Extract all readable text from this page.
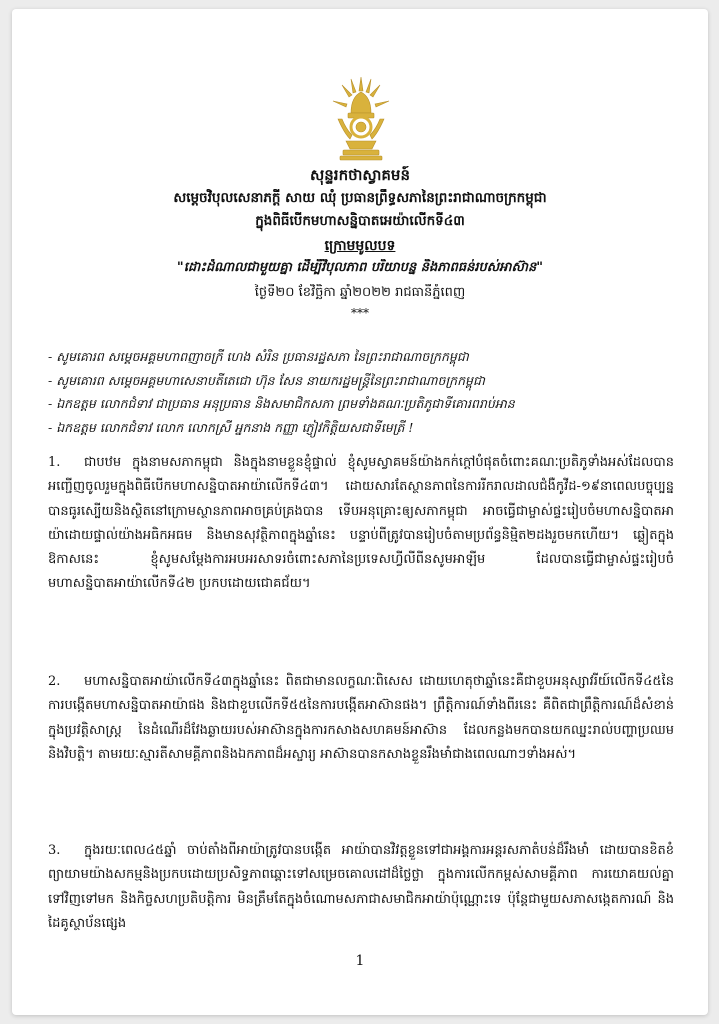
សុន្ទរកថាស្វាគមន៍
សម្ដេចវិបុលសេនាភក្ដី សាយ ឈុំ ប្រធានព្រឹទ្ធសភានៃព្រះរាជាណាចក្រកម្ពុជា
ក្នុងពិធីបើកមហាសន្និបាតអេយ៉ាលើកទី៤៣
ក្រោមមូលបទ
"ដោះដំណាលជាមួយគ្នា ដើម្បីវិបុលភាព បរិយាបន្ន និងភាពធន់របស់អាស៊ាន"
ថ្ងៃទី២០ ខែវិច្ឆិកា ឆ្នាំ២០២២ រាជធានីភ្នំពេញ
***
- សូមគោរព សម្ដេចអគ្គមហាពញាចក្រី ហេង សំរិន ប្រធានរដ្ឋសភា នៃព្រះរាជាណាចក្រកម្ពុជា
- សូមគោរព សម្ដេចអគ្គមហាសេនាបតីតេជោ ហ៊ុន សែន នាយករដ្ឋមន្ត្រីនៃព្រះរាជាណាចក្រកម្ពុជា
- ឯកឧត្ដម លោកជំទាវ ជាប្រធាន អនុប្រធាន និងសមាជិកសភា ព្រមទាំងគណៈប្រតិភូជាទីគោរពរាប់អាន
- ឯកឧត្ដម លោកជំទាវ លោក លោកស្រី អ្នកនាង កញ្ញា ភ្ញៀវកិត្តិយសជាទីមេត្រី !
1. ជាបឋម ក្នុងនាមសភាកម្ពុជា និងក្នុងនាមខ្លួនខ្ញុំផ្ទាល់ ខ្ញុំសូមស្វាគមន៍យ៉ាងកក់ក្ដៅបំផុតចំពោះគណៈប្រតិភូទាំងអស់ដែលបានអញ្ជើញចូលរួមក្នុងពិធីបើកមហាសន្និបាតអាយ៉ាលើកទី៤៣។ ដោយសារតែស្ថានភាពនៃការរីករាលដាលជំងឺកូវីដ-១៩នាពេលបច្ចុប្បន្ន បានធូរស្បើយនិងស្ថិតនៅក្រោមស្ថានភាពអាចគ្រប់គ្រងបាន ទើបអនុគ្រោះឲ្យសភាកម្ពុជា អាចធ្វើជាម្ចាស់ផ្ទះរៀបចំមហាសន្និបាតអាយ៉ាដោយផ្ទាល់យ៉ាងអធិកអធម និងមានសុវត្ថិភាពក្នុងឆ្នាំនេះ បន្ទាប់ពីត្រូវបានរៀបចំតាមប្រព័ន្ធនិម្មិត២ដងរួចមកហើយ។ ឆ្លៀតក្នុងឱកាសនេះ ខ្ញុំសូមសម្ដែងការអបអរសាទរចំពោះសភានៃប្រទេសហ្វីលីពីនសូមអាឡីម ដែលបានធ្វើជាម្ចាស់ផ្ទះរៀបចំមហាសន្និបាតអាយ៉ាលើកទី៤២ ប្រកបដោយជោគជ័យ។
2. មហាសន្និបាតអាយ៉ាលើកទី៤៣ក្នុងឆ្នាំនេះ ពិតជាមានលក្ខណៈពិសេស ដោយហេតុថាឆ្នាំនេះគឺជាខួបអនុស្សាវរីយ៍លើកទី៤៥នៃការបង្កើតមហាសន្និបាតអាយ៉ាផង និងជាខួបលើកទី៥៥នៃការបង្កើតអាស៊ានផង។ ព្រឹត្តិការណ៍ទាំងពីរនេះ គឺពិតជាព្រឹត្តិការណ៍ដ៏សំខាន់ក្នុងប្រវត្តិសាស្ត្រ នៃដំណើរដ៏វែងឆ្ងាយរបស់អាស៊ានក្នុងការកសាងសហគមន៍អាស៊ាន ដែលកន្លងមកបានយកឈ្នះរាល់បញ្ហាប្រឈមនិងវិបត្តិ។ តាមរយៈស្មារតីសាមគ្គីភាពនិងឯកភាពដ៏អស្ចារ្យ អាស៊ានបានកសាងខ្លួនរឹងមាំជាងពេលណាៗទាំងអស់។
3. ក្នុងរយៈពេល៤៥ឆ្នាំ ចាប់តាំងពីអាយ៉ាត្រូវបានបង្កើត អាយ៉ាបានវិវត្តខ្លួនទៅជាអង្គការអន្តរសភាតំបន់ដ៏រឹងមាំ ដោយបានខិតខំព្យាយាមយ៉ាងសកម្មនិងប្រកបដោយប្រសិទ្ធភាពឆ្ពោះទៅសម្រេចគោលដៅដ៏ថ្លៃថ្លា ក្នុងការលើកកម្ពស់សាមគ្គីភាព ការយោគយល់គ្នាទៅវិញទៅមក និងកិច្ចសហប្រតិបត្តិការ មិនត្រឹមតែក្នុងចំណោមសភាជាសមាជិកអាយ៉ាប៉ុណ្ណោះទេ ប៉ុន្តែជាមួយសភាសង្កេតការណ៍ និងដៃគូស្ថាប័នផ្សេង
1
